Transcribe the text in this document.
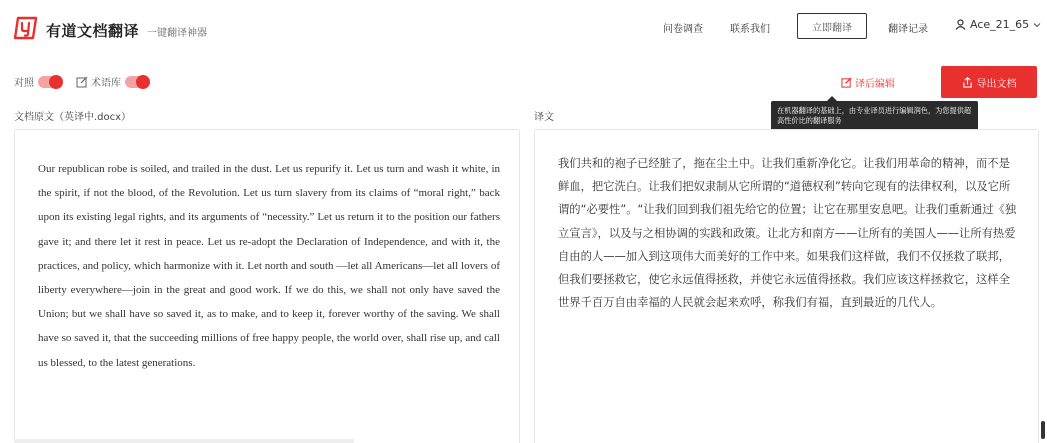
有道文档翻译 一键翻译神器	问卷调查	联系我们	立即翻译	翻译记录	Ace_21_65
对照	术语库	译后编辑	导出文档
在机器翻译的基础上，由专业译员进行编辑润色，为您提供超高性价比的翻译服务
文档原文（英译中.docx）	译文
Our republican robe is soiled, and trailed in the dust. Let us repurify it. Let us turn and wash it white, in the spirit, if not the blood, of the Revolution. Let us turn slavery from its claims of “moral right,” back upon its existing legal rights, and its arguments of “necessity.” Let us return it to the position our fathers gave it; and there let it rest in peace. Let us re-adopt the Declaration of Independence, and with it, the practices, and policy, which harmonize with it. Let north and south —let all Americans—let all lovers of liberty everywhere—join in the great and good work. If we do this, we shall not only have saved the Union; but we shall have so saved it, as to make, and to keep it, forever worthy of the saving. We shall have so saved it, that the succeeding millions of free happy people, the world over, shall rise up, and call us blessed, to the latest generations.
我们共和的袍子已经脏了，拖在尘土中。让我们重新净化它。让我们用革命的精神，而不是鲜血，把它洗白。让我们把奴隶制从它所谓的“道德权利”转向它现有的法律权利，以及它所谓的“必要性”。“让我们回到我们祖先给它的位置；让它在那里安息吧。让我们重新通过《独立宣言》，以及与之相协调的实践和政策。让北方和南方——让所有的美国人——让所有热爱自由的人——加入到这项伟大而美好的工作中来。如果我们这样做，我们不仅拯救了联邦，但我们要拯救它，使它永远值得拯救，并使它永远值得拯救。我们应该这样拯救它，这样全世界千百万自由幸福的人民就会起来欢呼，称我们有福，直到最近的几代人。
